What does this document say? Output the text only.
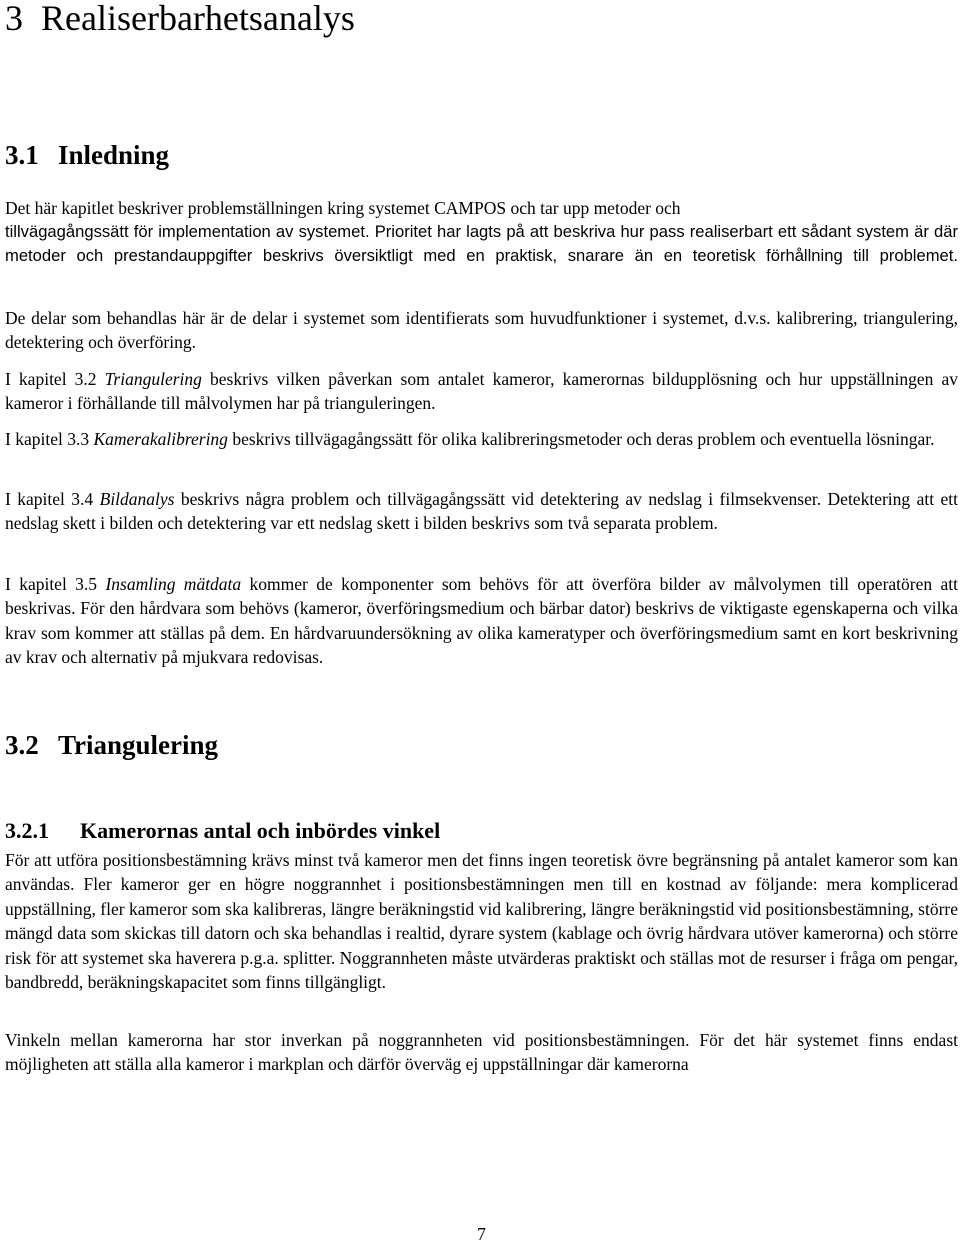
3 Realiserbarhetsanalys
3.1 Inledning

Det här kapitlet beskriver problemställningen kring systemet CAMPOS och tar upp metoder och

tillvägagångssätt för implementation av systemet. Prioritet har lagts på att beskriva hur pass realiserbart ett sådant system är där metoder och prestandauppgifter beskrivs översiktligt med en praktisk, snarare än en teoretisk förhållning till problemet.

De delar som behandlas här är de delar i systemet som identifierats som huvudfunktioner i systemet, d.v.s. kalibrering, triangulering, detektering och överföring.

I kapitel 3.2 Triangulering beskrivs vilken påverkan som antalet kameror, kamerornas bildupplösning och hur uppställningen av kameror i förhållande till målvolymen har på trianguleringen.

I kapitel 3.3 Kamerakalibrering beskrivs tillvägagångssätt för olika kalibreringsmetoder och deras problem och eventuella lösningar.

I kapitel 3.4 Bildanalys beskrivs några problem och tillvägagångssätt vid detektering av nedslag i filmsekvenser. Detektering att ett nedslag skett i bilden och detektering var ett nedslag skett i bilden beskrivs som två separata problem.

I kapitel 3.5 Insamling mätdata kommer de komponenter som behövs för att överföra bilder av målvolymen till operatören att beskrivas. För den hårdvara som behövs (kameror, överföringsmedium och bärbar dator) beskrivs de viktigaste egenskaperna och vilka krav som kommer att ställas på dem. En hårdvaruundersökning av olika kameratyper och överföringsmedium samt en kort beskrivning av krav och alternativ på mjukvara redovisas.

3.2 Triangulering
3.2.1 Kamerornas antal och inbördes vinkel

För att utföra positionsbestämning krävs minst två kameror men det finns ingen teoretisk övre begränsning på antalet kameror som kan användas. Fler kameror ger en högre noggrannhet i positionsbestämningen men till en kostnad av följande: mera komplicerad uppställning, fler kameror som ska kalibreras, längre beräkningstid vid kalibrering, längre beräkningstid vid positionsbestämning, större mängd data som skickas till datorn och ska behandlas i realtid, dyrare system (kablage och övrig hårdvara utöver kamerorna) och större risk för att systemet ska haverera p.g.a. splitter. Noggrannheten måste utvärderas praktiskt och ställas mot de resurser i fråga om pengar, bandbredd, beräkningskapacitet som finns tillgängligt.

Vinkeln mellan kamerorna har stor inverkan på noggrannheten vid positionsbestämningen. För det här systemet finns endast möjligheten att ställa alla kameror i markplan och därför överväg ej uppställningar där kamerorna

7
